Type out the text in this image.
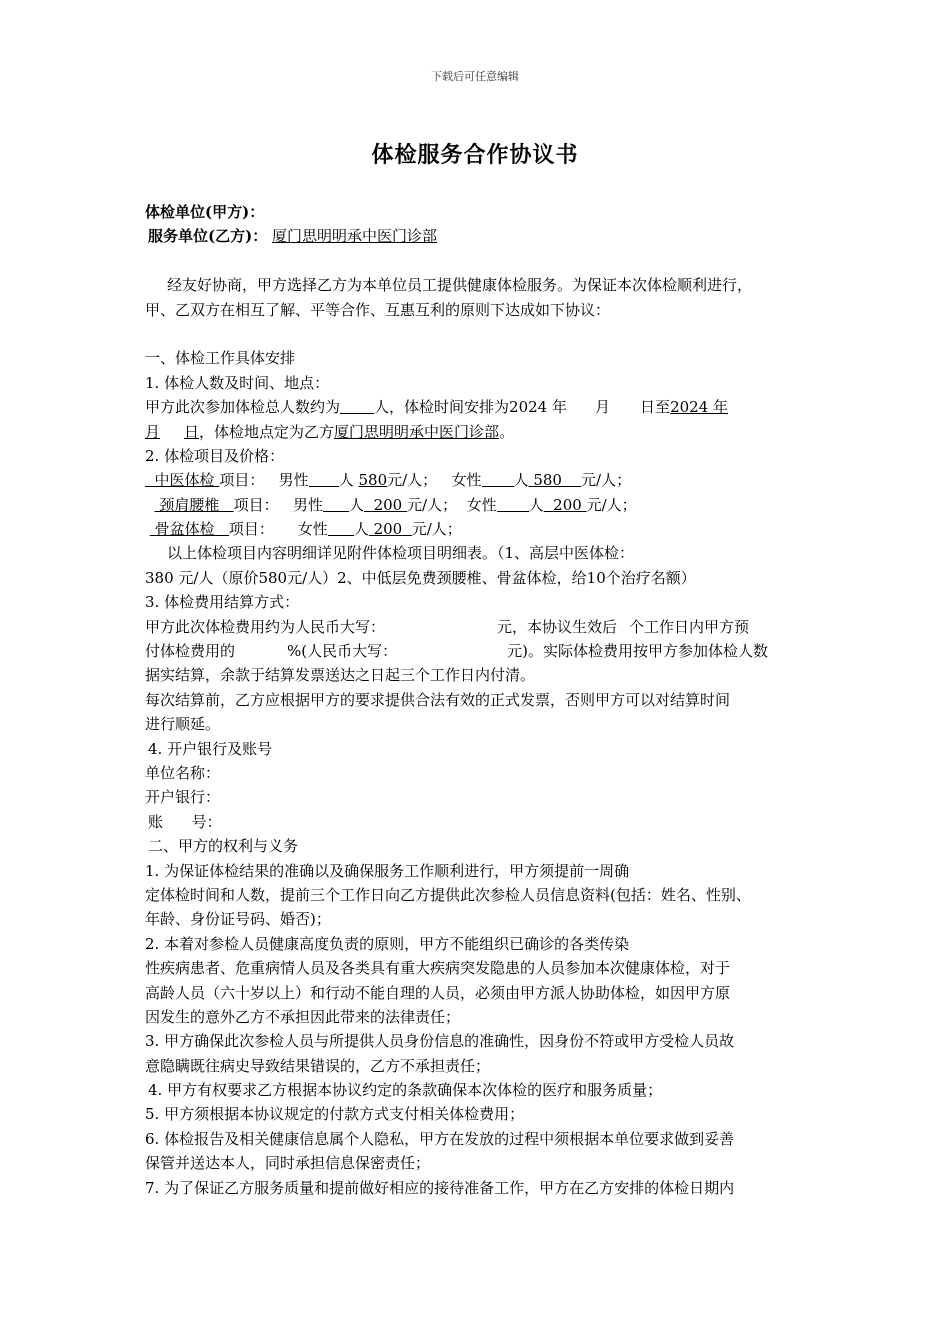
下载后可任意编辑
体检服务合作协议书
体检单位(甲方)：
服务单位(乙方)： 厦门思明明承中医门诊部
经友好协商，甲方选择乙方为本单位员工提供健康体检服务。为保证本次体检顺利进行，
甲、乙双方在相互了解、平等合作、互惠互利的原则下达成如下协议：
一、体检工作具体安排
1. 体检人数及时间、地点：
甲方此次参加体检总人数约为 人，体检时间安排为2024 年 月 日至2024 年
月 日，体检地点定为乙方厦门思明明承中医门诊部。
2. 体检项目及价格：
中医体检 项目： 男性 人 580元/人； 女性 人 580 元/人；
颈肩腰椎 项目： 男性 人 200 元/人； 女性 人 200 元/人；
骨盆体检 项目： 女性 人 200 元/人；
以上体检项目内容明细详见附件体检项目明细表。（1、高层中医体检：
380 元/人（原价580元/人）2、中低层免费颈腰椎、骨盆体检，给10个治疗名额）
3. 体检费用结算方式：
甲方此次体检费用约为人民币大写：	元，本协议生效后 个工作日内甲方预
付体检费用的	%(人民币大写：	元)。实际体检费用按甲方参加体检人数
据实结算，余款于结算发票送达之日起三个工作日内付清。
每次结算前，乙方应根据甲方的要求提供合法有效的正式发票，否则甲方可以对结算时间
进行顺延。
4. 开户银行及账号
单位名称：
开户银行：
账      号：
二、甲方的权利与义务
1. 为保证体检结果的准确以及确保服务工作顺利进行，甲方须提前一周确
定体检时间和人数，提前三个工作日向乙方提供此次参检人员信息资料(包括：姓名、性别、
年龄、身份证号码、婚否)；
2. 本着对参检人员健康高度负责的原则，甲方不能组织已确诊的各类传染
性疾病患者、危重病情人员及各类具有重大疾病突发隐患的人员参加本次健康体检，对于
高龄人员（六十岁以上）和行动不能自理的人员，必须由甲方派人协助体检，如因甲方原
因发生的意外乙方不承担因此带来的法律责任；
3. 甲方确保此次参检人员与所提供人员身份信息的准确性，因身份不符或甲方受检人员故
意隐瞒既往病史导致结果错误的，乙方不承担责任；
4. 甲方有权要求乙方根据本协议约定的条款确保本次体检的医疗和服务质量；
5. 甲方须根据本协议规定的付款方式支付相关体检费用；
6. 体检报告及相关健康信息属个人隐私，甲方在发放的过程中须根据本单位要求做到妥善
保管并送达本人，同时承担信息保密责任；
7. 为了保证乙方服务质量和提前做好相应的接待准备工作，甲方在乙方安排的体检日期内
